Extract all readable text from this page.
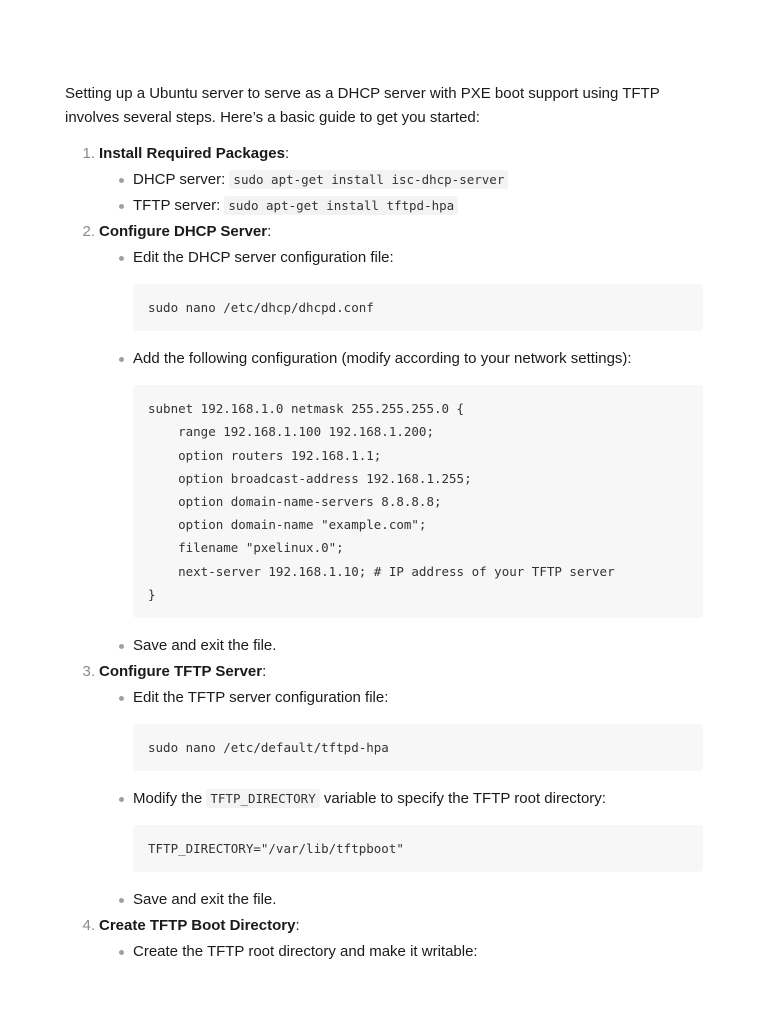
Setting up a Ubuntu server to serve as a DHCP server with PXE boot support using TFTP involves several steps. Here’s a basic guide to get you started:

1. Install Required Packages:
DHCP server: sudo apt-get install isc-dhcp-server
TFTP server: sudo apt-get install tftpd-hpa
2. Configure DHCP Server:
Edit the DHCP server configuration file:
sudo nano /etc/dhcp/dhcpd.conf
Add the following configuration (modify according to your network settings):
subnet 192.168.1.0 netmask 255.255.255.0 {
range 192.168.1.100 192.168.1.200;
option routers 192.168.1.1;
option broadcast-address 192.168.1.255;
option domain-name-servers 8.8.8.8;
option domain-name "example.com";
filename "pxelinux.0";
next-server 192.168.1.10; # IP address of your TFTP server
}
Save and exit the file.
3. Configure TFTP Server:
Edit the TFTP server configuration file:
sudo nano /etc/default/tftpd-hpa
Modify the TFTP_DIRECTORY variable to specify the TFTP root directory:
TFTP_DIRECTORY="/var/lib/tftpboot"
Save and exit the file.
4. Create TFTP Boot Directory:
Create the TFTP root directory and make it writable:
